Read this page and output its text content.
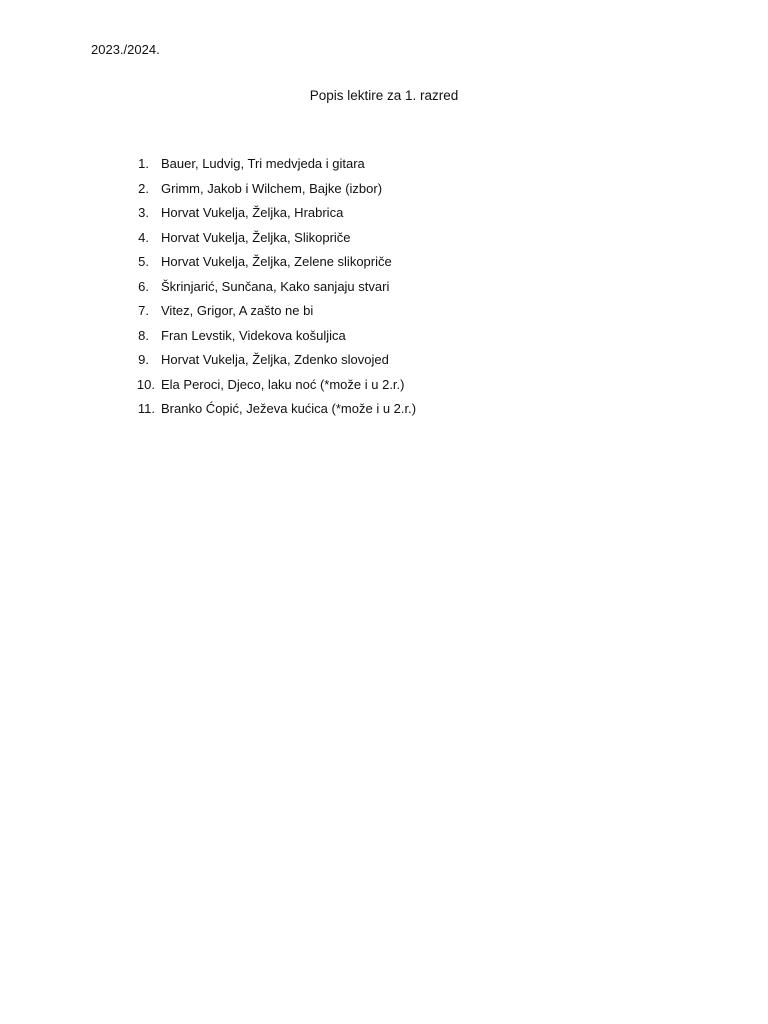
2023./2024.
Popis lektire za 1. razred
1. Bauer, Ludvig, Tri medvjeda i gitara
2. Grimm, Jakob i Wilchem, Bajke (izbor)
3. Horvat Vukelja, Željka, Hrabrica
4. Horvat Vukelja, Željka, Slikopriče
5. Horvat Vukelja, Željka, Zelene slikopriče
6. Škrinjarić, Sunčana, Kako sanjaju stvari
7. Vitez, Grigor, A zašto ne bi
8. Fran Levstik, Videkova košuljica
9. Horvat Vukelja, Željka, Zdenko slovojed
10. Ela Peroci, Djeco, laku noć (*može i u 2.r.)
11. Branko Ćopić, Ježeva kućica (*može i u 2.r.)
